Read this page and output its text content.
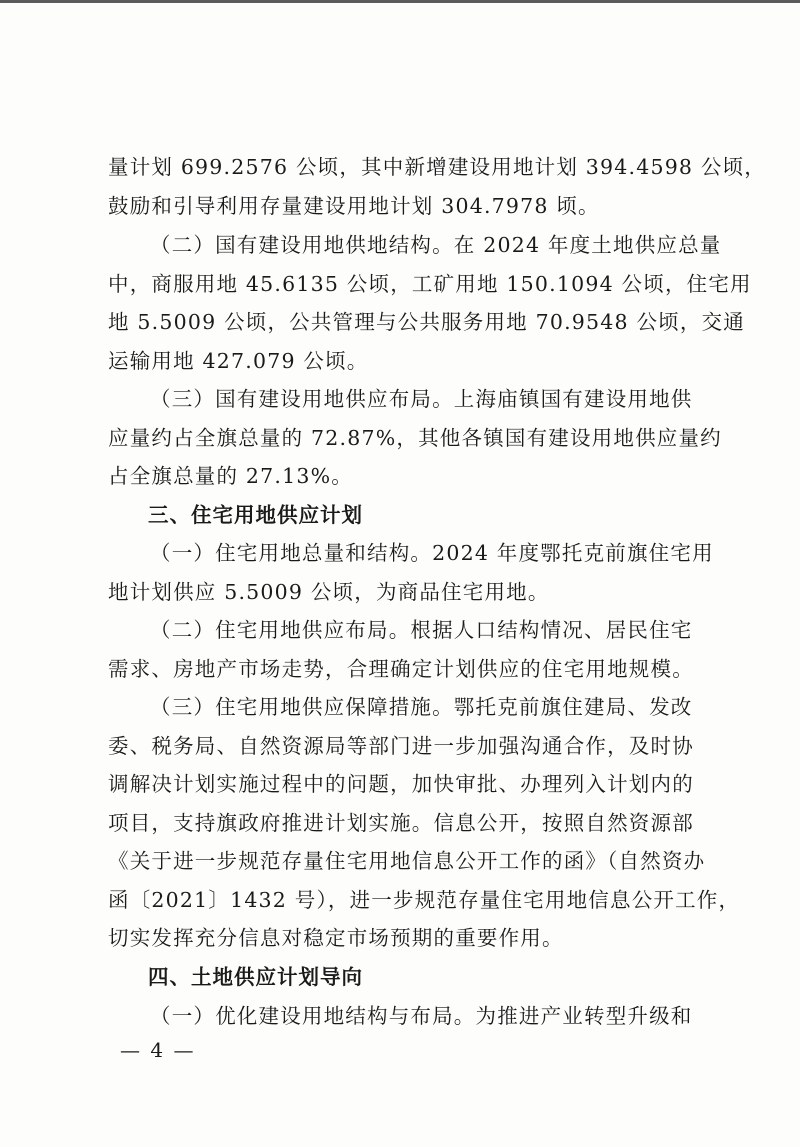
量计划 699.2576 公顷，其中新增建设用地计划 394.4598 公顷，
鼓励和引导利用存量建设用地计划 304.7978 顷。
（二）国有建设用地供地结构。在 2024 年度土地供应总量
中，商服用地 45.6135 公顷，工矿用地 150.1094 公顷，住宅用
地 5.5009 公顷，公共管理与公共服务用地 70.9548 公顷，交通
运输用地 427.079 公顷。
（三）国有建设用地供应布局。上海庙镇国有建设用地供
应量约占全旗总量的 72.87%，其他各镇国有建设用地供应量约
占全旗总量的 27.13%。
三、住宅用地供应计划
（一）住宅用地总量和结构。2024 年度鄂托克前旗住宅用
地计划供应 5.5009 公顷，为商品住宅用地。
（二）住宅用地供应布局。根据人口结构情况、居民住宅
需求、房地产市场走势，合理确定计划供应的住宅用地规模。
（三）住宅用地供应保障措施。鄂托克前旗住建局、发改
委、税务局、自然资源局等部门进一步加强沟通合作，及时协
调解决计划实施过程中的问题，加快审批、办理列入计划内的
项目，支持旗政府推进计划实施。信息公开，按照自然资源部
《关于进一步规范存量住宅用地信息公开工作的函》（自然资办
函〔2021〕1432 号），进一步规范存量住宅用地信息公开工作，
切实发挥充分信息对稳定市场预期的重要作用。
四、土地供应计划导向
（一）优化建设用地结构与布局。为推进产业转型升级和
— 4 —
